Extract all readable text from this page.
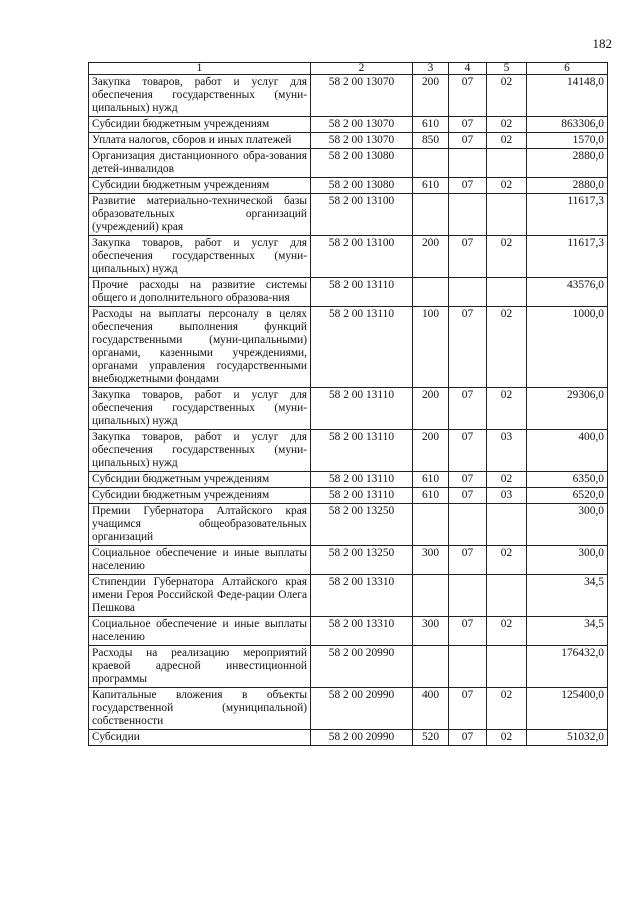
182
1	2	3	4	5	6
Закупка товаров, работ и услуг для обеспечения государственных (муни-ципальных) нужд	58 2 00 13070	200	07	02	14148,0
Субсидии бюджетным учреждениям	58 2 00 13070	610	07	02	863306,0
Уплата налогов, сборов и иных платежей	58 2 00 13070	850	07	02	1570,0
Организация дистанционного обра-зования детей-инвалидов	58 2 00 13080				2880,0
Субсидии бюджетным учреждениям	58 2 00 13080	610	07	02	2880,0
Развитие материально-технической базы образовательных организаций (учреждений) края	58 2 00 13100				11617,3
Закупка товаров, работ и услуг для обеспечения государственных (муни-ципальных) нужд	58 2 00 13100	200	07	02	11617,3
Прочие расходы на развитие системы общего и дополнительного образова-ния	58 2 00 13110				43576,0
Расходы на выплаты персоналу в целях обеспечения выполнения функций государственными (муни-ципальными) органами, казенными учреждениями, органами управления государственными внебюджетными фондами	58 2 00 13110	100	07	02	1000,0
Закупка товаров, работ и услуг для обеспечения государственных (муни-ципальных) нужд	58 2 00 13110	200	07	02	29306,0
Закупка товаров, работ и услуг для обеспечения государственных (муни-ципальных) нужд	58 2 00 13110	200	07	03	400,0
Субсидии бюджетным учреждениям	58 2 00 13110	610	07	02	6350,0
Субсидии бюджетным учреждениям	58 2 00 13110	610	07	03	6520,0
Премии Губернатора Алтайского края учащимся общеобразовательных организаций	58 2 00 13250				300,0
Социальное обеспечение и иные выплаты населению	58 2 00 13250	300	07	02	300,0
Стипендии Губернатора Алтайского края имени Героя Российской Феде-рации Олега Пешкова	58 2 00 13310				34,5
Социальное обеспечение и иные выплаты населению	58 2 00 13310	300	07	02	34,5
Расходы на реализацию мероприятий краевой адресной инвестиционной программы	58 2 00 20990				176432,0
Капитальные вложения в объекты государственной (муниципальной) собственности	58 2 00 20990	400	07	02	125400,0
Субсидии	58 2 00 20990	520	07	02	51032,0
